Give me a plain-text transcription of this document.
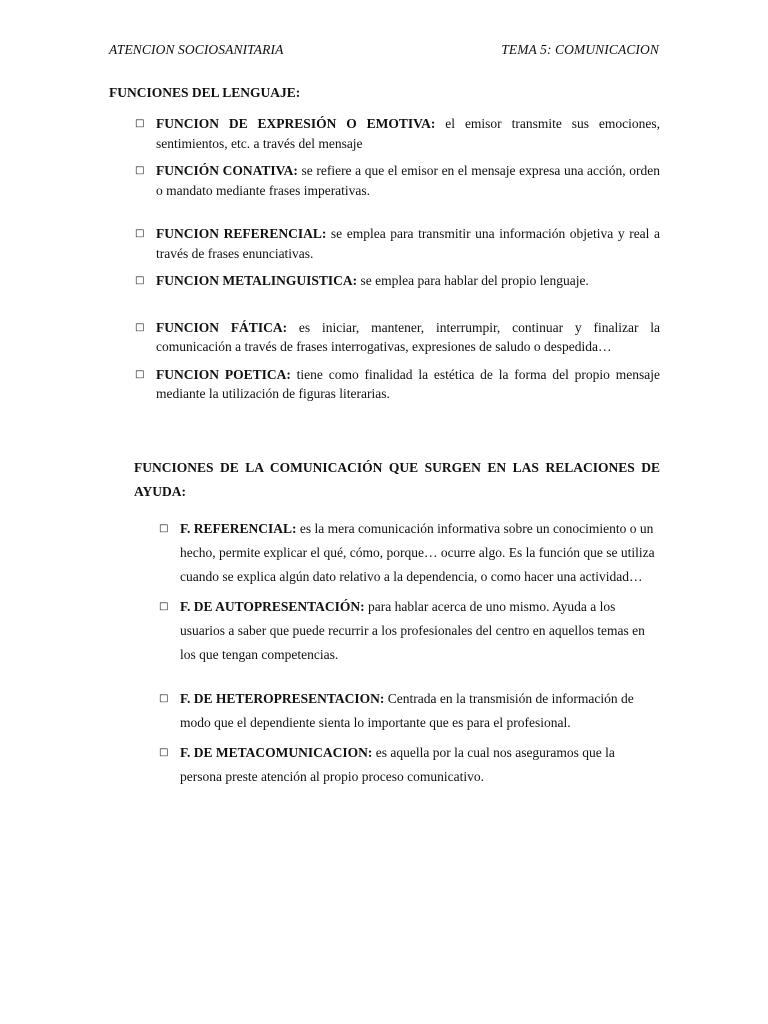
ATENCION SOCIOSANITARIA	TEMA 5: COMUNICACION
FUNCIONES DEL LENGUAJE:
□ FUNCION DE EXPRESIÓN O EMOTIVA: el emisor transmite sus emociones, sentimientos, etc. a través del mensaje
□ FUNCIÓN CONATIVA: se refiere a que el emisor en el mensaje expresa una acción, orden o mandato mediante frases imperativas.
□ FUNCION REFERENCIAL: se emplea para transmitir una información objetiva y real a través de frases enunciativas.
□ FUNCION METALINGUISTICA: se emplea para hablar del propio lenguaje.
□ FUNCION FÁTICA: es iniciar, mantener, interrumpir, continuar y finalizar la comunicación a través de frases interrogativas, expresiones de saludo o despedida…
□ FUNCION POETICA: tiene como finalidad la estética de la forma del propio mensaje mediante la utilización de figuras literarias.
FUNCIONES DE LA COMUNICACIÓN QUE SURGEN EN LAS RELACIONES DE AYUDA:
□ F. REFERENCIAL: es la mera comunicación informativa sobre un conocimiento o un hecho, permite explicar el qué, cómo, porque… ocurre algo. Es la función que se utiliza cuando se explica algún dato relativo a la dependencia, o como hacer una actividad…
□ F. DE AUTOPRESENTACIÓN: para hablar acerca de uno mismo. Ayuda a los usuarios a saber que puede recurrir a los profesionales del centro en aquellos temas en los que tengan competencias.
□ F. DE HETEROPRESENTACION: Centrada en la transmisión de información de modo que el dependiente sienta lo importante que es para el profesional.
□ F. DE METACOMUNICACION: es aquella por la cual nos aseguramos que la persona preste atención al propio proceso comunicativo.
